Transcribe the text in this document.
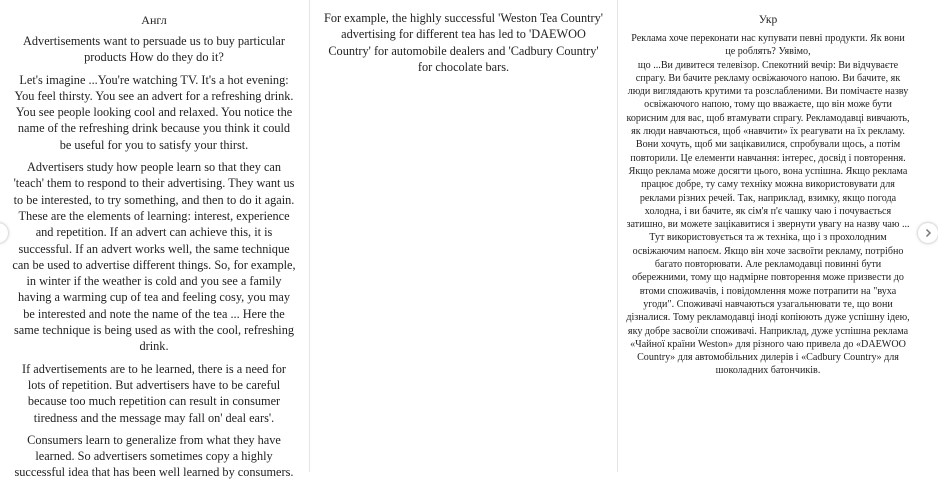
Англ

Advertisements want to persuade us to buy particular products How do they do it?

Let's imagine ...You're watching TV. It's a hot evening: You feel thirsty. You see an advert for a refreshing drink. You see people looking cool and relaxed. You notice the name of the refreshing drink because you think it could be useful for you to satisfy your thirst.

Advertisers study how people learn so that they can 'teach' them to respond to their advertising. They want us to be interested, to try something, and then to do it again. These are the elements of learning: interest, experience and repetition. If an advert can achieve this, it is successful. If an advert works well, the same technique can be used to advertise different things. So, for example, in winter if the weather is cold and you see a family having a warming cup of tea and feeling cosy, you may be interested and note the name of the tea ... Here the same technique is being used as with the cool, refreshing drink.

If advertisements are to he learned, there is a need for lots of repetition. But advertisers have to be careful because too much repetition can result in consumer tiredness and the message may fall on' deal ears'.

Consumers learn to generalize from what they have learned. So advertisers sometimes copy a highly successful idea that has been well learned by consumers.

For example, the highly successful 'Weston Tea Country' advertising for different tea has led to 'DAEWOO Country' for automobile dealers and 'Cadbury Country' for chocolate bars.

Укр

Реклама хоче переконати нас купувати певні продукти. Як вони це роблять? Уявімо,

що ...Ви дивитеся телевізор. Спекотний вечір: Ви відчуваєте спрагу. Ви бачите рекламу освіжаючого напою. Ви бачите, як люди виглядають крутими та розслабленими. Ви помічаєте назву освіжаючого напою, тому що вважаєте, що він може бути корисним для вас, щоб втамувати спрагу. Рекламодавці вивчають, як люди навчаються, щоб «навчити» їх реагувати на їх рекламу. Вони хочуть, щоб ми зацікавилися, спробували щось, а потім повторили. Це елементи навчання: інтерес, досвід і повторення. Якщо реклама може досягти цього, вона успішна. Якщо реклама працює добре, ту саму техніку можна використовувати для реклами різних речей. Так, наприклад, взимку, якщо погода холодна, і ви бачите, як сім'я п'є чашку чаю і почувається затишно, ви можете зацікавитися і звернути увагу на назву чаю ... Тут використовується та ж техніка, що і з прохолодним освіжаючим напоєм. Якщо він хоче засвоїти рекламу, потрібно багато повторювати. Але рекламодавці повинні бути обережними, тому що надмірне повторення може призвести до втоми споживачів, і повідомлення може потрапити на "вуха угоди". Споживачі навчаються узагальнювати те, що вони дізналися. Тому рекламодавці іноді копіюють дуже успішну ідею, яку добре засвоїли споживачі. Наприклад, дуже успішна реклама «Чайної країни Weston» для різного чаю привела до «DAEWOO Country» для автомобільних дилерів і «Cadbury Country» для шоколадних батончиків.
